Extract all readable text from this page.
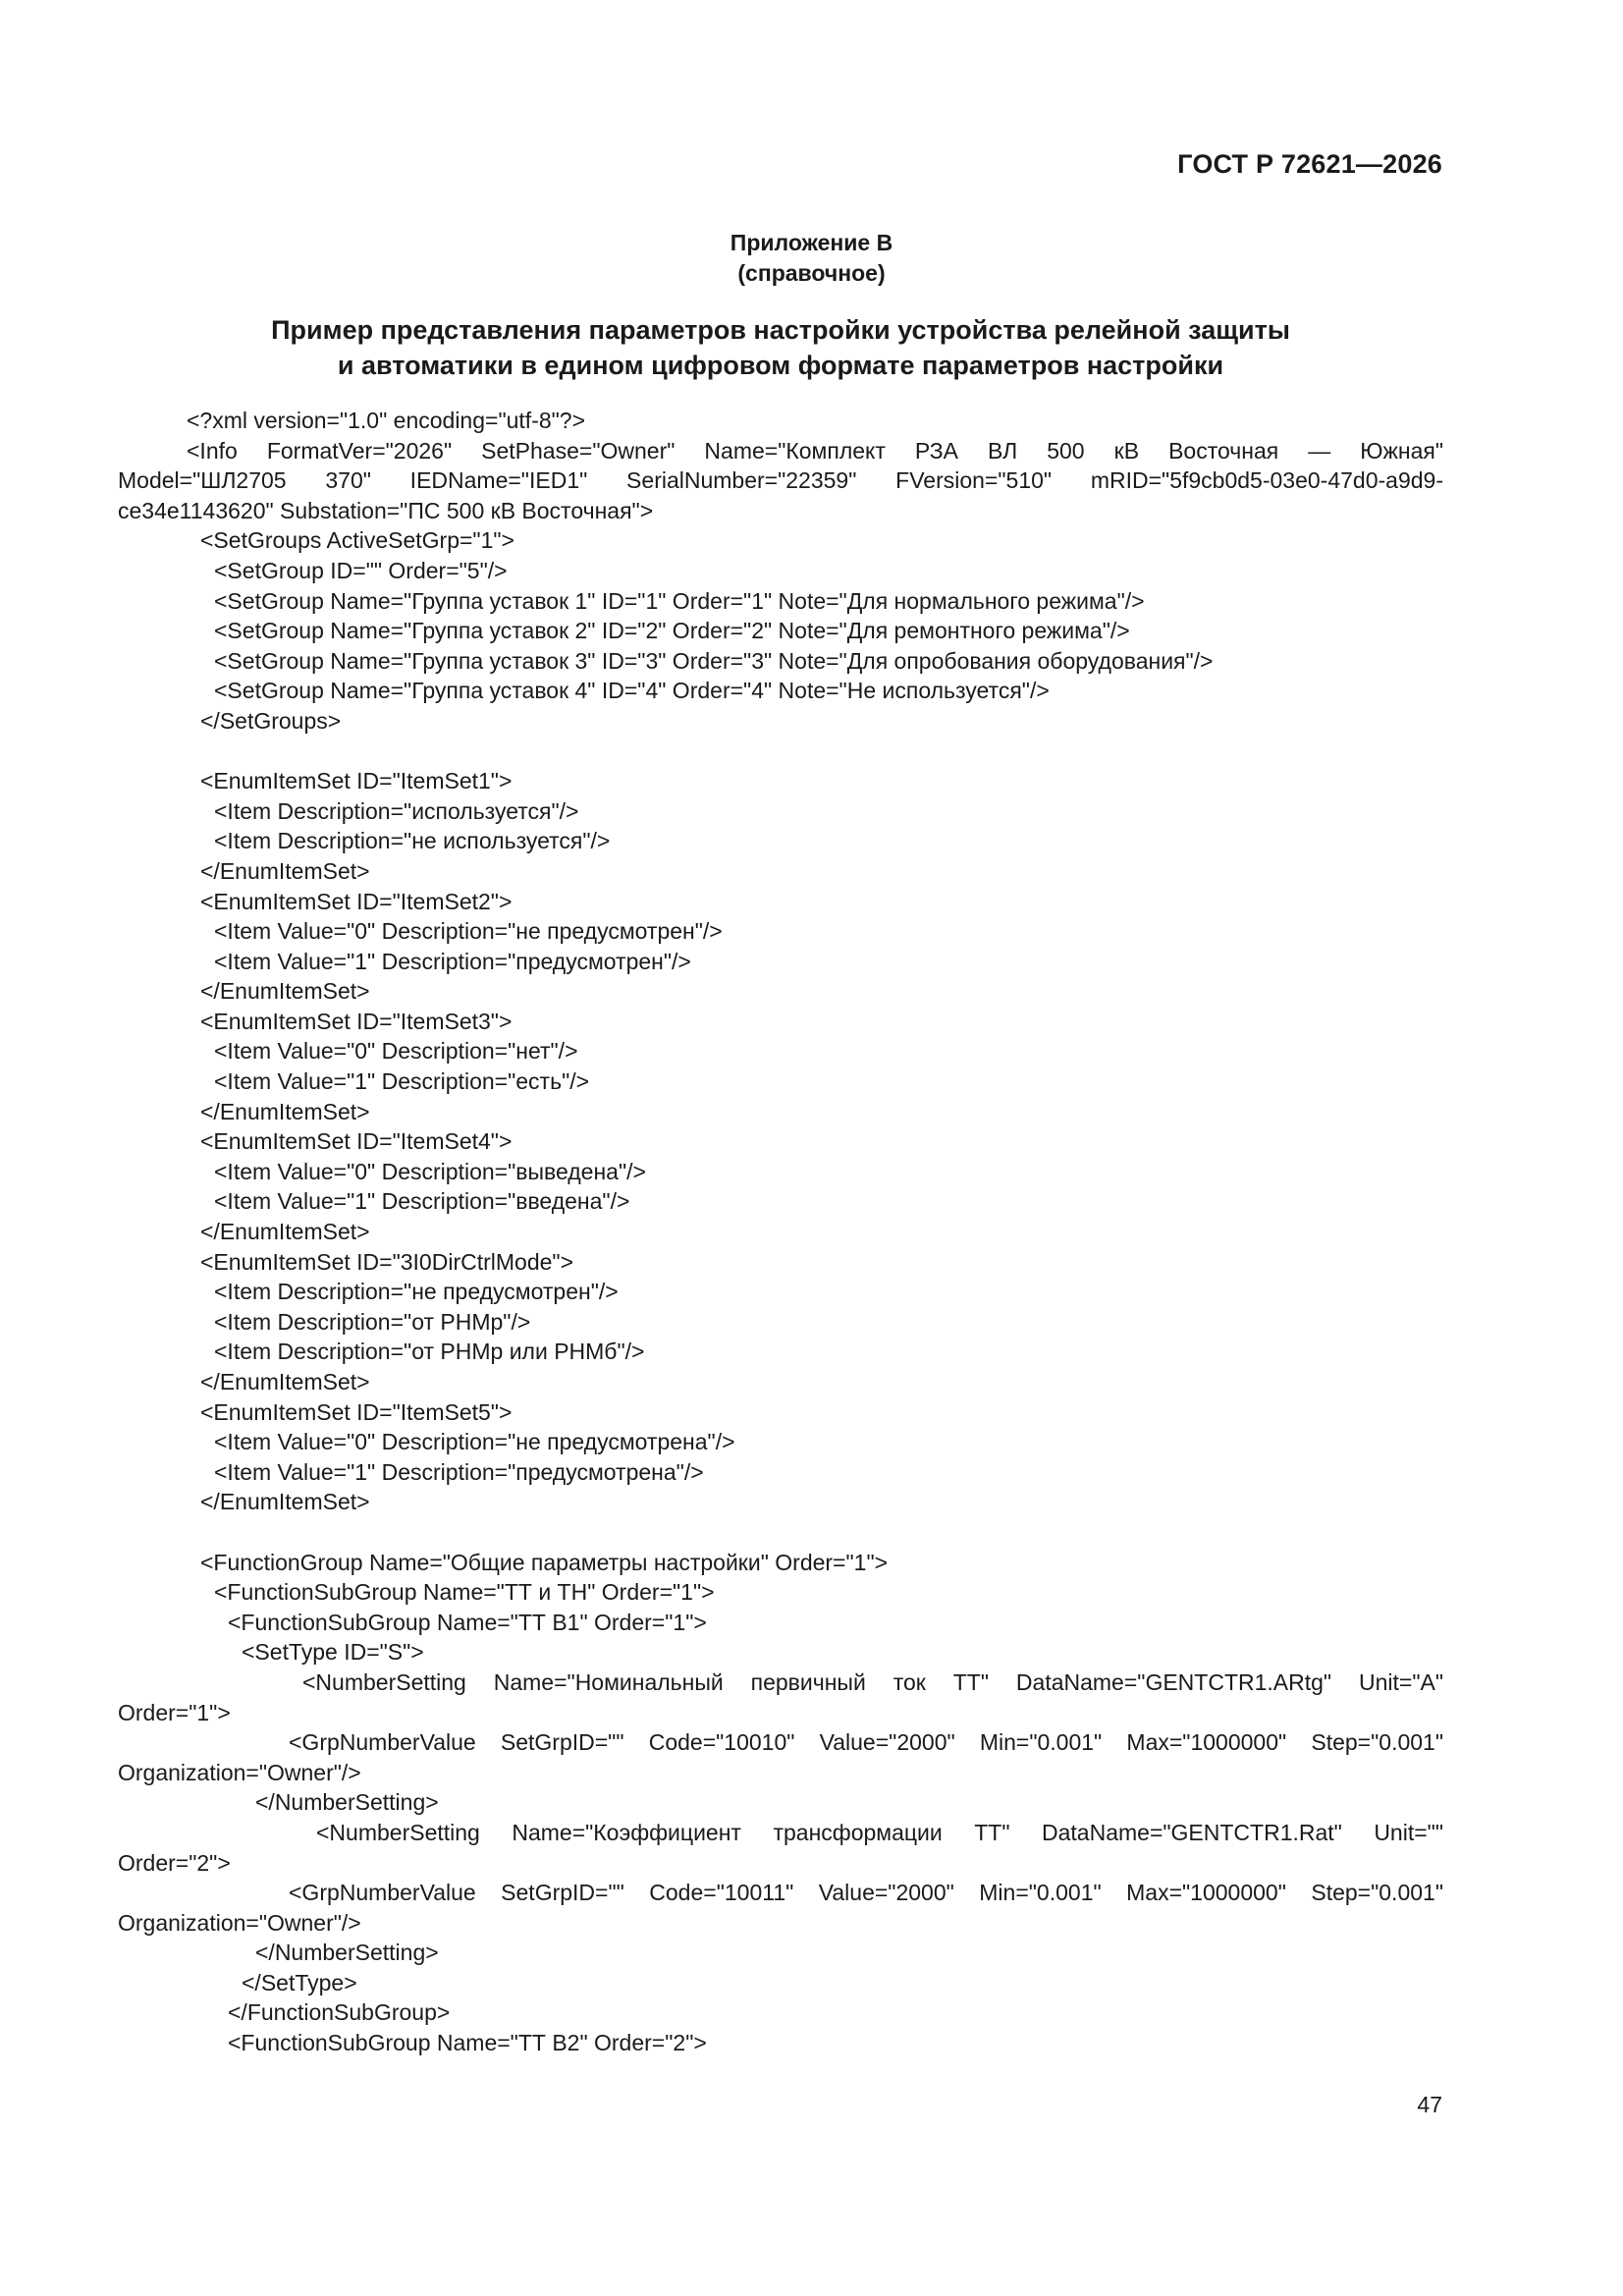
ГОСТ Р 72621—2026
Приложение В
(справочное)
Пример представления параметров настройки устройства релейной защиты
и автоматики в едином цифровом формате параметров настройки
<?xml version="1.0" encoding="utf-8"?>
<Info FormatVer="2026" SetPhase="Owner" Name="Комплект РЗА ВЛ 500 кВ Восточная — Южная"
Model="ШЛ2705 370" IEDName="IED1" SerialNumber="22359" FVersion="510" mRID="5f9cb0d5-03e0-47d0-a9d9-
ce34e1143620" Substation="ПС 500 кВ Восточная">
<SetGroups ActiveSetGrp="1">
<SetGroup ID="" Order="5"/>
<SetGroup Name="Группа уставок 1" ID="1" Order="1" Note="Для нормального режима"/>
<SetGroup Name="Группа уставок 2" ID="2" Order="2" Note="Для ремонтного режима"/>
<SetGroup Name="Группа уставок 3" ID="3" Order="3" Note="Для опробования оборудования"/>
<SetGroup Name="Группа уставок 4" ID="4" Order="4" Note="Не используется"/>
</SetGroups>
<EnumItemSet ID="ItemSet1">
<Item Description="используется"/>
<Item Description="не используется"/>
</EnumItemSet>
<EnumItemSet ID="ItemSet2">
<Item Value="0" Description="не предусмотрен"/>
<Item Value="1" Description="предусмотрен"/>
</EnumItemSet>
<EnumItemSet ID="ItemSet3">
<Item Value="0" Description="нет"/>
<Item Value="1" Description="есть"/>
</EnumItemSet>
<EnumItemSet ID="ItemSet4">
<Item Value="0" Description="выведена"/>
<Item Value="1" Description="введена"/>
</EnumItemSet>
<EnumItemSet ID="3I0DirCtrlMode">
<Item Description="не предусмотрен"/>
<Item Description="от РНМр"/>
<Item Description="от РНМр или РНМб"/>
</EnumItemSet>
<EnumItemSet ID="ItemSet5">
<Item Value="0" Description="не предусмотрена"/>
<Item Value="1" Description="предусмотрена"/>
</EnumItemSet>
<FunctionGroup Name="Общие параметры настройки" Order="1">
<FunctionSubGroup Name="ТТ и ТН" Order="1">
<FunctionSubGroup Name="ТТ В1" Order="1">
<SetType ID="S">
<NumberSetting Name="Номинальный первичный ток ТТ" DataName="GENTCTR1.ARtg" Unit="A"
Order="1">
<GrpNumberValue SetGrpID="" Code="10010" Value="2000" Min="0.001" Max="1000000" Step="0.001"
Organization="Owner"/>
</NumberSetting>
<NumberSetting Name="Коэффициент трансформации ТТ" DataName="GENTCTR1.Rat" Unit=""
Order="2">
<GrpNumberValue SetGrpID="" Code="10011" Value="2000" Min="0.001" Max="1000000" Step="0.001"
Organization="Owner"/>
</NumberSetting>
</SetType>
</FunctionSubGroup>
<FunctionSubGroup Name="ТТ В2" Order="2">
47
